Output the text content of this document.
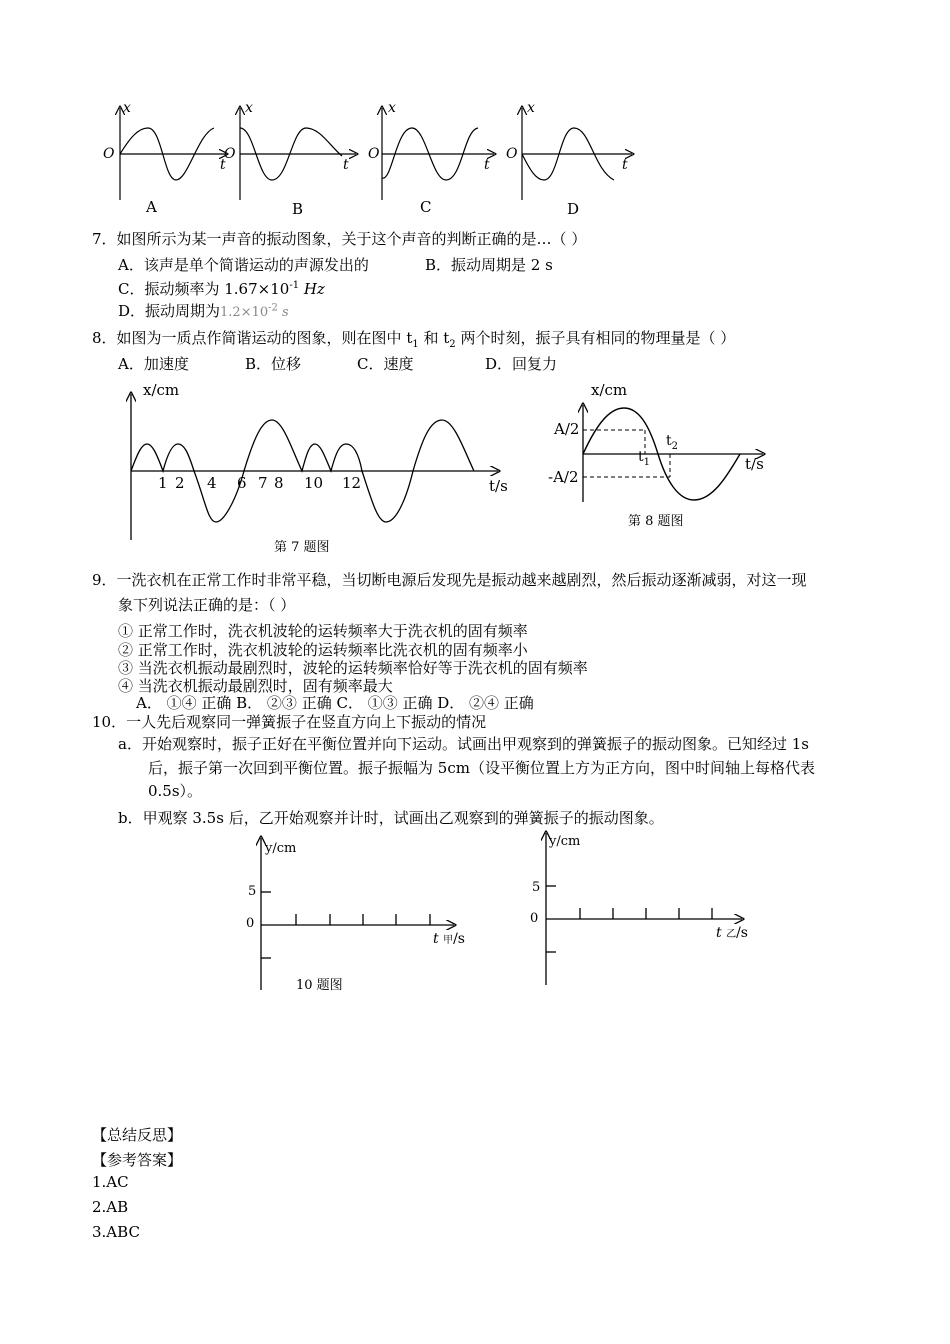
x	x	x	x
O	O	O	O
t	t	t	t
A	B	C	D
7．如图所示为某一声音的振动图象，关于这个声音的判断正确的是…（ ）
A．该声是单个简谐运动的声源发出的	B．振动周期是 2 s
C．振动频率为 $1.67\times 10^{-1}$ Hz
D．振动周期为$1.2\times 10^{-2}$ s
8．如图为一质点作简谐运动的图象，则在图中 $t_1$ 和 $t_2$ 两个时刻，振子具有相同的物理量是（ ）
A．加速度	B．位移	C．速度	D．回复力
x/cm
t/s
1 2 4 6 7 8 10 12
第 7 题图
x/cm
t/s
A/2
-A/2
$t_1$
$t_2$
第 8 题图
9．一洗衣机在正常工作时非常平稳，当切断电源后发现先是振动越来越剧烈，然后振动逐渐减弱，对这一现
象下列说法正确的是：（ ）
① 正常工作时，洗衣机波轮的运转频率大于洗衣机的固有频率
② 正常工作时，洗衣机波轮的运转频率比洗衣机的固有频率小
③ 当洗衣机振动最剧烈时，波轮的运转频率恰好等于洗衣机的固有频率
④ 当洗衣机振动最剧烈时，固有频率最大
A． ①④ 正确 B． ②③ 正确 C． ①③ 正确 D． ②④ 正确
10．一人先后观察同一弹簧振子在竖直方向上下振动的情况
a．开始观察时，振子正好在平衡位置并向下运动。试画出甲观察到的弹簧振子的振动图象。已知经过 1s
后，振子第一次回到平衡位置。振子振幅为 5cm（设平衡位置上方为正方向，图中时间轴上每格代表
0.5s）。
b．甲观察 3.5s 后，乙开始观察并计时，试画出乙观察到的弹簧振子的振动图象。
y/cm
5
0
t 甲/s
10 题图
y/cm
5
0
t 乙/s
【总结反思】
【参考答案】
1.AC
2.AB
3.ABC
